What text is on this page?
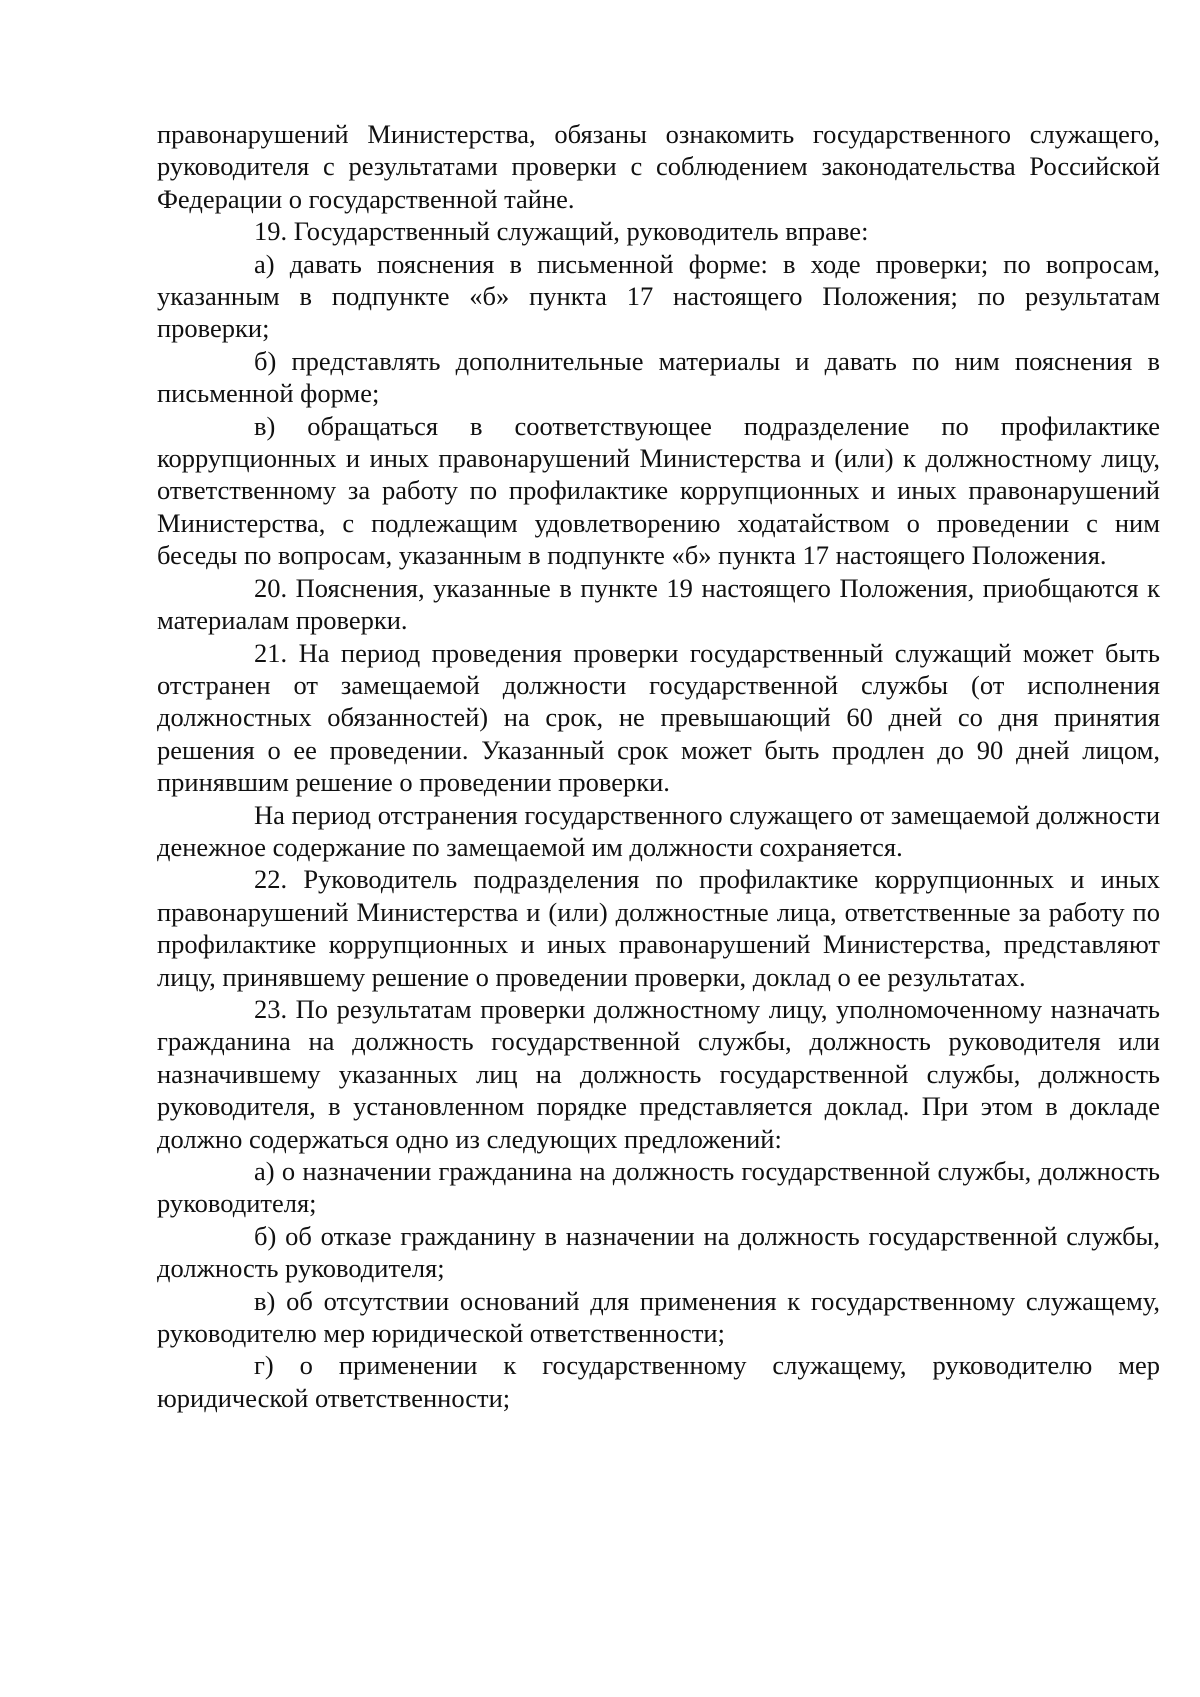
правонарушений Министерства, обязаны ознакомить государственного служащего, руководителя с результатами проверки с соблюдением законодательства Российской Федерации о государственной тайне.

19. Государственный служащий, руководитель вправе:

а) давать пояснения в письменной форме: в ходе проверки; по вопросам, указанным в подпункте «б» пункта 17 настоящего Положения; по результатам проверки;

б) представлять дополнительные материалы и давать по ним пояснения в письменной форме;

в) обращаться в соответствующее подразделение по профилактике коррупционных и иных правонарушений Министерства и (или) к должностному лицу, ответственному за работу по профилактике коррупционных и иных правонарушений Министерства, с подлежащим удовлетворению ходатайством о проведении с ним беседы по вопросам, указанным в подпункте «б» пункта 17 настоящего Положения.

20. Пояснения, указанные в пункте 19 настоящего Положения, приобщаются к материалам проверки.

21. На период проведения проверки государственный служащий может быть отстранен от замещаемой должности государственной службы (от исполнения должностных обязанностей) на срок, не превышающий 60 дней со дня принятия решения о ее проведении. Указанный срок может быть продлен до 90 дней лицом, принявшим решение о проведении проверки.

На период отстранения государственного служащего от замещаемой должности денежное содержание по замещаемой им должности сохраняется.

22. Руководитель подразделения по профилактике коррупционных и иных правонарушений Министерства и (или) должностные лица, ответственные за работу по профилактике коррупционных и иных правонарушений Министерства, представляют лицу, принявшему решение о проведении проверки, доклад о ее результатах.

23. По результатам проверки должностному лицу, уполномоченному назначать гражданина на должность государственной службы, должность руководителя или назначившему указанных лиц на должность государственной службы, должность руководителя, в установленном порядке представляется доклад. При этом в докладе должно содержаться одно из следующих предложений:

а) о назначении гражданина на должность государственной службы, должность руководителя;

б) об отказе гражданину в назначении на должность государственной службы, должность руководителя;

в) об отсутствии оснований для применения к государственному служащему, руководителю мер юридической ответственности;

г) о применении к государственному служащему, руководителю мер юридической ответственности;
